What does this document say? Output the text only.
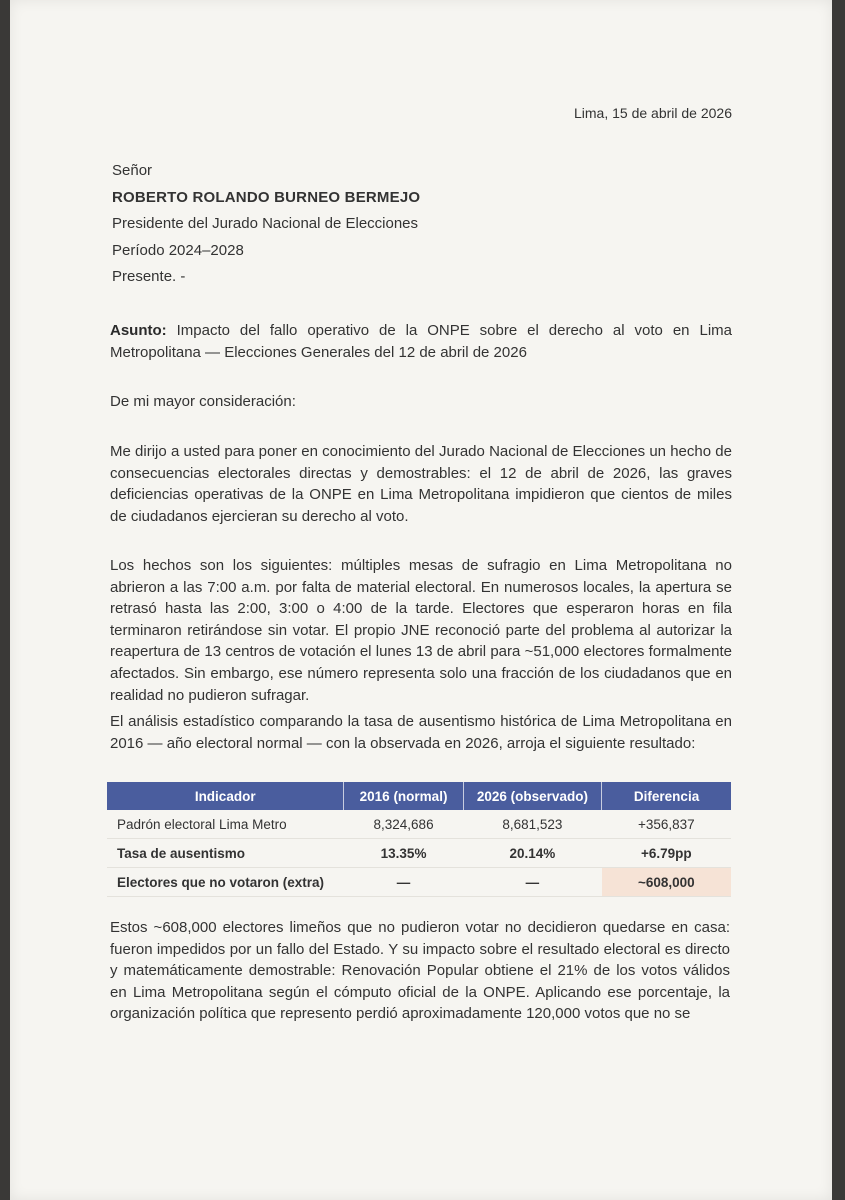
Lima, 15 de abril de 2026
Señor
ROBERTO ROLANDO BURNEO BERMEJO
Presidente del Jurado Nacional de Elecciones
Período 2024–2028
Presente. -
Asunto: Impacto del fallo operativo de la ONPE sobre el derecho al voto en Lima Metropolitana — Elecciones Generales del 12 de abril de 2026
De mi mayor consideración:
Me dirijo a usted para poner en conocimiento del Jurado Nacional de Elecciones un hecho de consecuencias electorales directas y demostrables: el 12 de abril de 2026, las graves deficiencias operativas de la ONPE en Lima Metropolitana impidieron que cientos de miles de ciudadanos ejercieran su derecho al voto.
Los hechos son los siguientes: múltiples mesas de sufragio en Lima Metropolitana no abrieron a las 7:00 a.m. por falta de material electoral. En numerosos locales, la apertura se retrasó hasta las 2:00, 3:00 o 4:00 de la tarde. Electores que esperaron horas en fila terminaron retirándose sin votar. El propio JNE reconoció parte del problema al autorizar la reapertura de 13 centros de votación el lunes 13 de abril para ~51,000 electores formalmente afectados. Sin embargo, ese número representa solo una fracción de los ciudadanos que en realidad no pudieron sufragar.
El análisis estadístico comparando la tasa de ausentismo histórica de Lima Metropolitana en 2016 — año electoral normal — con la observada en 2026, arroja el siguiente resultado:
Indicador	2016 (normal)	2026 (observado)	Diferencia
Padrón electoral Lima Metro	8,324,686	8,681,523	+356,837
Tasa de ausentismo	13.35%	20.14%	+6.79pp
Electores que no votaron (extra)	—	—	~608,000
Estos ~608,000 electores limeños que no pudieron votar no decidieron quedarse en casa: fueron impedidos por un fallo del Estado. Y su impacto sobre el resultado electoral es directo y matemáticamente demostrable: Renovación Popular obtiene el 21% de los votos válidos en Lima Metropolitana según el cómputo oficial de la ONPE. Aplicando ese porcentaje, la organización política que represento perdió aproximadamente 120,000 votos que no se
